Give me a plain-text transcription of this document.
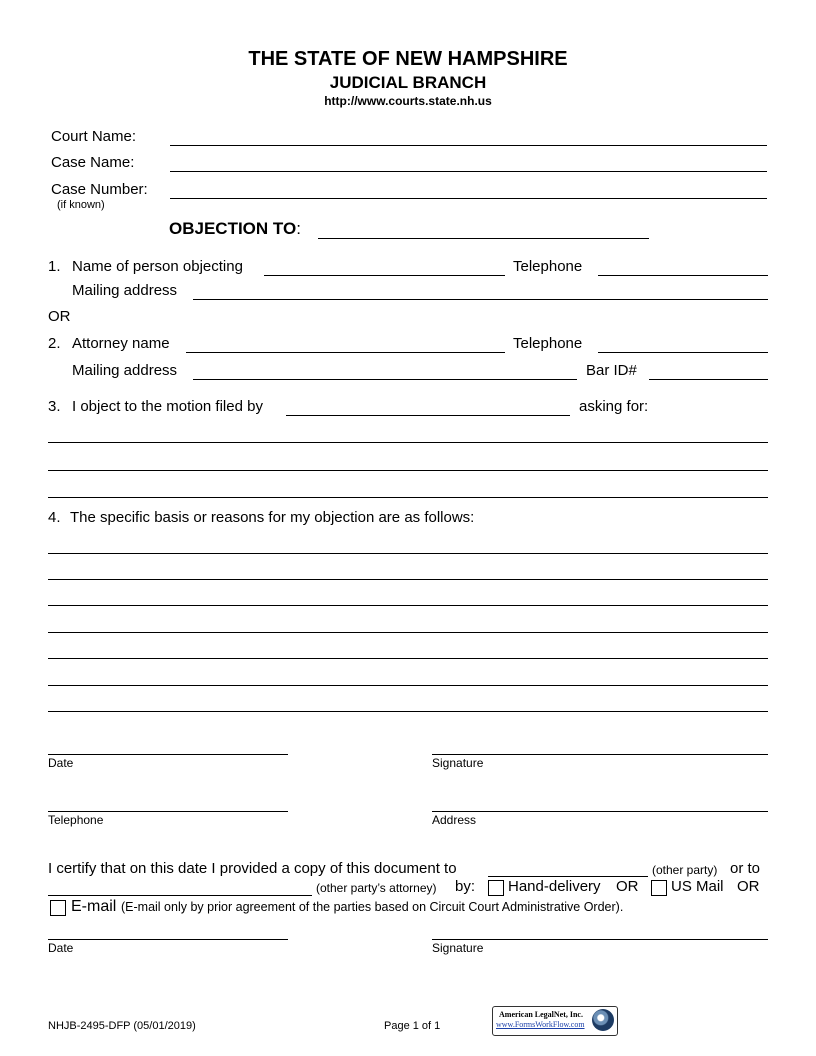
THE STATE OF NEW HAMPSHIRE
JUDICIAL BRANCH
http://www.courts.state.nh.us
Court Name:
Case Name:
Case Number:
(if known)
OBJECTION TO:
1. Name of person objecting	Telephone
Mailing address
OR
2. Attorney name	Telephone
Mailing address	Bar ID#
3. I object to the motion filed by	asking for:
4. The specific basis or reasons for my objection are as follows:
Date	Signature
Telephone	Address
I certify that on this date I provided a copy of this document to	(other party) or to
(other party’s attorney) by: Hand-delivery OR US Mail OR
E-mail (E-mail only by prior agreement of the parties based on Circuit Court Administrative Order).
Date	Signature
NHJB-2495-DFP (05/01/2019)	Page 1 of 1
American LegalNet, Inc.
www.FormsWorkFlow.com
